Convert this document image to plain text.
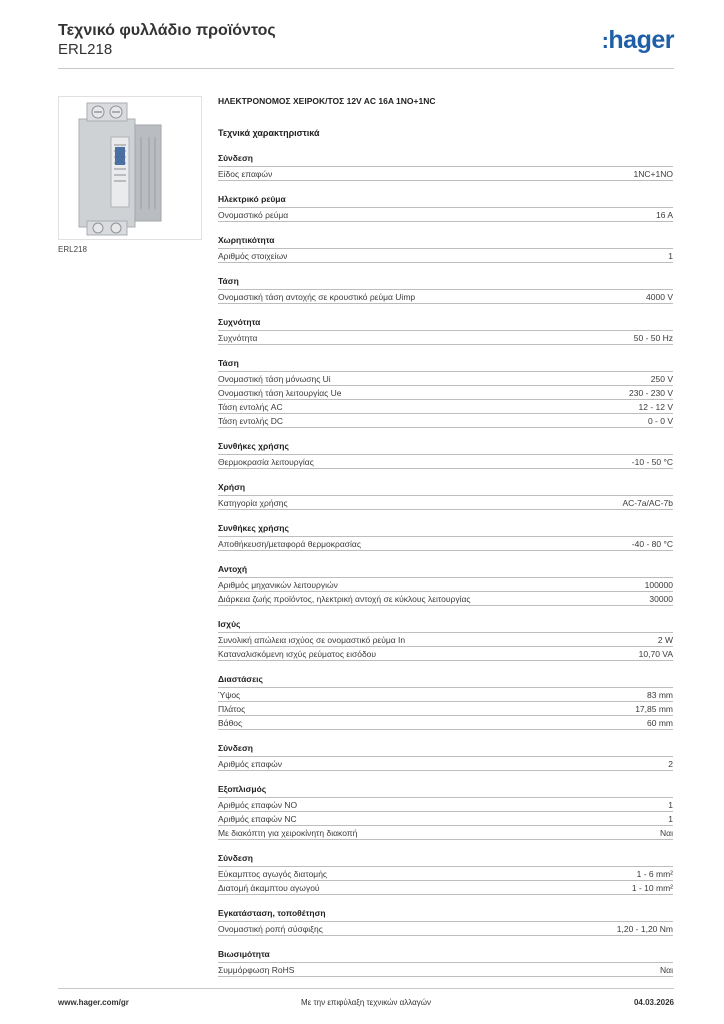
Τεχνικό φυλλάδιο προϊόντος
ERL218	:hager
ERL218
ΗΛΕΚΤΡΟΝΟΜΟΣ ΧΕΙΡΟΚ/ΤΟΣ 12V AC 16A 1NO+1NC
Τεχνικά χαρακτηριστικά
Σύνδεση
Είδος επαφών	1NC+1NO
Ηλεκτρικό ρεύμα
Ονομαστικό ρεύμα	16 A
Χωρητικότητα
Αριθμός στοιχείων	1
Τάση
Ονομαστική τάση αντοχής σε κρουστικό ρεύμα Uimp	4000 V
Συχνότητα
Συχνότητα	50 - 50 Hz
Τάση
Ονομαστική τάση μόνωσης Ui	250 V
Ονομαστική τάση λειτουργίας Ue	230 - 230 V
Τάση εντολής AC	12 - 12 V
Τάση εντολής DC	0 - 0 V
Συνθήκες χρήσης
Θερμοκρασία λειτουργίας	-10 - 50 °C
Χρήση
Κατηγορία χρήσης	AC-7a/AC-7b
Συνθήκες χρήσης
Αποθήκευση/μεταφορά θερμοκρασίας	-40 - 80 °C
Αντοχή
Αριθμός μηχανικών λειτουργιών	100000
Διάρκεια ζωής προϊόντος, ηλεκτρική αντοχή σε κύκλους λειτουργίας	30000
Ισχύς
Συνολική απώλεια ισχύος σε ονομαστικό ρεύμα In	2 W
Καταναλισκόμενη ισχύς ρεύματος εισόδου	10,70 VA
Διαστάσεις
Ύψος	83 mm
Πλάτος	17,85 mm
Βάθος	60 mm
Σύνδεση
Αριθμός επαφών	2
Εξοπλισμός
Αριθμός επαφών NO	1
Αριθμός επαφών NC	1
Με διακόπτη για χειροκίνητη διακοπή	Ναι
Σύνδεση
Εύκαμπτος αγωγός διατομής	1 - 6 mm²
Διατομή άκαμπτου αγωγού	1 - 10 mm²
Εγκατάσταση, τοποθέτηση
Ονομαστική ροπή σύσφιξης	1,20 - 1,20 Nm
Βιωσιμότητα
Συμμόρφωση RoHS	Ναι
www.hager.com/gr	Με την επιφύλαξη τεχνικών αλλαγών	04.03.2026
